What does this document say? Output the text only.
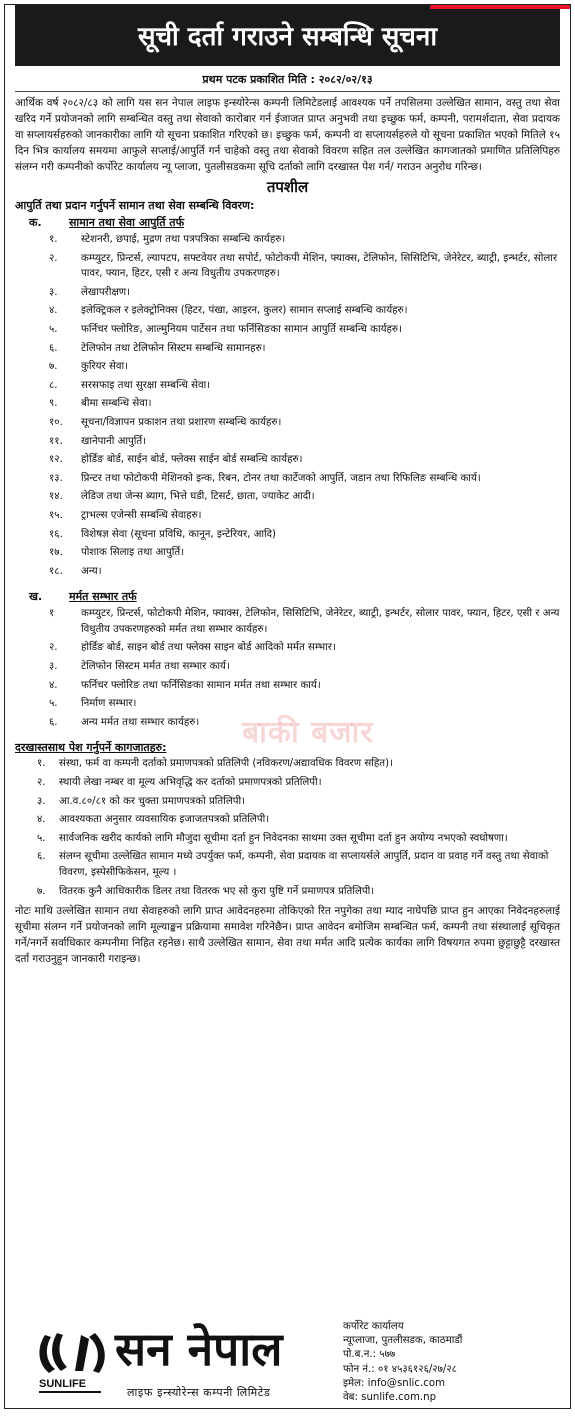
सूची दर्ता गराउने सम्बन्धि सूचना
प्रथम पटक प्रकाशित मिति : २०८२/०२/१३
आर्थिक वर्ष २०८२/८३ को लागि यस सन नेपाल लाइफ इन्स्योरेन्स कम्पनी लिमिटेडलाई आवश्यक पर्ने तपसिलमा उल्लेखित सामान, वस्तु तथा सेवा खरिद गर्ने प्रयोजनको लागि सम्बन्धित वस्तु तथा सेवाको कारोबार गर्न ईजाजत प्राप्त अनुभवी तथा इच्छुक फर्म, कम्पनी, परामर्शदाता, सेवा प्रदायक वा सप्लायर्सहरुको जानकारीका लागि यो सूचना प्रकाशित गरिएको छ। इच्छुक फर्म, कम्पनी वा सप्लायर्सहरुले यो सूचना प्रकाशित भएको मितिले १५ दिन भित्र कार्यालय समयमा आफुले सप्लाई/आपुर्ति गर्न चाहेको वस्तु तथा सेवाको विवरण सहित तल उल्लेखित कागजातको प्रमाणित प्रतिलिपिहरु संलग्न गरी कम्पनीको कर्पोरेट कार्यालय न्यू प्लाजा, पुतलीसडकमा सूचि दर्ताको लागि दरखास्त पेश गर्न/ गराउन अनुरोध गरिन्छ।
तपशील
आपुर्ति तथा प्रदान गर्नुपर्ने सामान तथा सेवा सम्बन्धि विवरण:
क.	सामान तथा सेवा आपुर्ति तर्फ
१.	स्टेशनरी, छपाई, मुद्रण तथा पत्रपत्रिका सम्बन्धि कार्यहरु।
२.	कम्प्युटर, प्रिन्टर्स, ल्यापटप, सफ्टवेयर तथा सपोर्ट, फोटोकपी मेशिन, फ्याक्स, टेलिफोन, सिसिटिभि, जेनेरेटर, ब्याट्री, इन्भर्टर, सोलार पावर, फ्यान, हिटर, एसी र अन्य विधुतीय उपकरणहरु।
३.	लेखापरीक्षण।
४.	इलेक्ट्रिकल र इलेक्ट्रोनिक्स (हिटर, पंखा, आइरन, कुलर) सामान सप्लाई सम्बन्धि कार्यहरु।
५.	फर्निचर फ्लोरिङ, आल्मुनियम पार्टेसन तथा फर्निसिङका सामान आपुर्ति सम्बन्धि कार्यहरु।
६.	टेलिफोन तथा टेलिफोन सिस्टम सम्बन्धि सामानहरु।
७.	कुरियर सेवा।
८.	सरसफाइ तथा सुरक्षा सम्बन्धि सेवा।
९.	बीमा सम्बन्धि सेवा।
१०.	सूचना/विज्ञापन प्रकाशन तथा प्रशारण सम्बन्धि कार्यहरु।
११.	खानेपानी आपुर्ति।
१२.	होर्डिङ बोर्ड, साईन बोर्ड, फ्लेक्स साईन बोर्ड सम्बन्धि कार्यहरु।
१३.	प्रिन्टर तथा फोटोकपी मेशिनको इन्क, रिबन, टोनर तथा कार्टेजको आपुर्ति, जडान तथा रिफिलिङ सम्बन्धि कार्य।
१४.	लेडिज तथा जेन्स ब्याग, भित्ते घडी, टिसर्ट, छाता, ज्याकेट आदी।
१५.	ट्राभल्स एजेन्सी सम्बन्धि सेवाहरु।
१६.	विशेषज्ञ सेवा (सूचना प्रविधि, कानून, इन्टेरियर, आदि)
१७.	पोशाक सिलाइ तथा आपुर्ति।
१८.	अन्य।
ख.	मर्मत सम्भार तर्फ
१	कम्प्युटर, प्रिन्टर्स, फोटोकपी मेशिन, फ्याक्स, टेलिफोन, सिसिटिभि, जेनेरेटर, ब्याट्री, इन्भर्टर, सोलार पावर, फ्यान, हिटर, एसी र अन्य विधुतीय उपकरणहरुको मर्मत तथा सम्भार कार्यहरु।
२.	होर्डिङ बोर्ड, साइन बोर्ड तथा फ्लेक्स साइन बोर्ड आदिको मर्मत सम्भार।
३.	टेलिफोन सिस्टम मर्मत तथा सम्भार कार्य।
४.	फर्निचर फ्लोरिङ तथा फर्निसिङका सामान मर्मत तथा सम्भार कार्य।
५.	निर्माण सम्भार।
६.	अन्य मर्मत तथा सम्भार कार्यहरु।
दरखास्तसाथ पेश गर्नुपर्ने कागजातहरु:
१.	संस्था, फर्म वा कम्पनी दर्ताको प्रमाणपत्रको प्रतिलिपी (नविकरण/अद्यावधिक विवरण सहित)।
२.	स्थायी लेखा नम्बर वा मूल्य अभिवृद्धि कर दर्ताको प्रमाणपत्रको प्रतिलिपी।
३.	आ.व.८०/८१ को कर चुक्ता प्रमाणपत्रको प्रतिलिपी।
४.	आवश्यकता अनुसार व्यवसायिक इजाजतपत्रको प्रतिलिपी।
५.	सार्वजनिक खरीद कार्यको लागि मौजुदा सूचीमा दर्ता हुन निवेदनका साथमा उक्त सूचीमा दर्ता हुन अयोग्य नभएको स्वघोषणा।
६.	संलग्न सूचीमा उल्लेखित सामान मध्ये उपर्युक्त फर्म, कम्पनी, सेवा प्रदायक वा सप्लायर्सले आपुर्ति, प्रदान वा प्रवाह गर्ने वस्तु तथा सेवाको विवरण, इस्पेसीफिकेसन, मूल्य ।
७.	वितरक कुनै आधिकारीक डिलर तथा वितरक भए सो कुरा पुष्टि गर्ने प्रमाणपत्र प्रतिलिपी।
नोटः माथि उल्लेखित सामान तथा सेवाहरुको लागि प्राप्त आवेदनहरुमा तोकिएको रित नपुगेका तथा म्याद नाघेपछि प्राप्त हुन आएका निवेदनहरुलाई सूचीमा संलग्न गर्ने प्रयोजनको लागि मूल्याङ्कन प्रक्रियामा समावेश गरिनेछैन। प्राप्त आवेदन बमोजिम सम्बन्धित फर्म, कम्पनी तथा संस्थालाई सूचिकृत गर्ने/नगर्ने सर्वाधिकार कम्पनीमा निहित रहनेछ। साथै उल्लेखित सामान, सेवा तथा मर्मत आदि प्रत्येक कार्यका लागि विषयगत रुपमा छुट्टाछुट्टै दरखास्त दर्ता गराउनुहुन जानकारी गराइन्छ।
बाकी बजार
SUNLIFE
सन नेपाल
लाइफ इन्स्योरेन्स कम्पनी लिमिटेड
कर्पोरेट कार्यालय
न्यूप्लाजा, पुतलीसडक, काठमाडौं
पो.ब.न.: ५७७
फोन नं.: ०१ ४५३६१२६/२७/२८
इमेल: info@snlic.com
वेब: sunlife.com.np
